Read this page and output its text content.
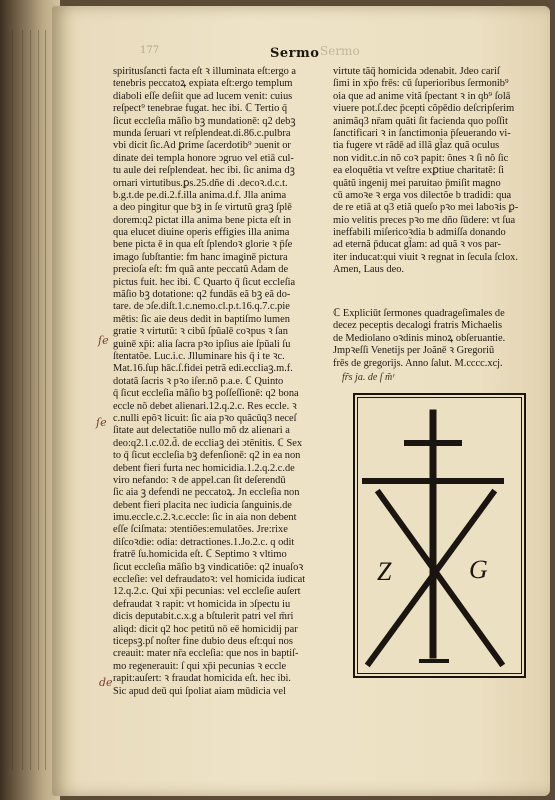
177	Sermo Sermo
spiritusſancti facta eſt ꝛ illuminata eſt:ergo a
tenebris peccatoꝝ expiata eſt:ergo templum
diaboli eſſe deſiit que ad lucem venit: cuius
reſpect⁹ tenebrae fugat. hec ibi. ℂ Tertio q̄
ſicut eccleſia mãſio bꝫ mundationē: q2 debꝫ
munda ſeruari vt reſplendeat.di.86.c.pulbra
vbi dicit ſic.Ad ꝑrime ſacerdotib⁹ ↄuenit or
dinate dei templa honore ↄgruo vel etiā cul-
tu aule dei reſplendeat. hec ibi. ſic anima dꝫ
ornari virtutibus.ꝑs.25.dñe di .decoꝛ.d.c.t.
b.g.t.de pe.di.2.f.illa anima.d.f. Jlla anima
a deo pingitur que bꝫ in ſe virtutũ graꝫ ſplē
dorem:q2 pictat illa anima bene picta eſt in
qua elucet diuine operis effigies illa anima
bene picta ē in qua eſt ſplendoꝛ glorie ꝛ p̄ſe
imago ſubſtantie: fm hanc imaginē pictura
precioſa eſt: fm quã ante peccatũ Adam de
pictus fuit. hec ibi. ℂ Quarto q̄ ſicut eccleſia
mãſio bꝫ dotatione: q2 fundās eã bꝫ eã do-
tare. de ↄſe.diſt.1.c.nemo.cl.p.t.16.q.7.c.pie
mētis: ſic aie deus dedit in baptiſmo lumen
gratie ꝛ virtutũ: ꝛ cibũ ſpũalē coꝛpus ꝛ ſan
guinē xp̄i: alia ſacra pꝛo ipſius aie ſpũali ſu
ſtentatõe. Luc.i.c. Jlluminare his q̄ i te ꝛc.
Mat.16.ſup hāc.ſ.fidei petrã edi.eccliaꝫ.m.f.
dotatã ſacris ꝛ pꝛo iſer.nõ p.a.e. ℂ Quinto
q̄ ſicut eccleſia mãſio bꝫ poſſeſſionē: q2 bona
eccle nõ debet alienari.12.q.2.c. Res eccle. ꝛ
c.nulli epõꝛ licuit: ſic aia pꝛo quãcūq3 neceſ
ſitate aut delectatiõe nullo mõ dz alienari a
deo:q2.1.c.02.d̄. de eccliaꝫ dei ↄtẽnitis. ℂ Sex
to q̄ ſicut eccleſia bꝫ defenſionē: q2 in ea non
debent fieri furta nec homicidia.1.2.q.2.c.de
viro nefando: ꝛ de appel.can ſit deſerendū
ſic aia ꝫ defendi ne peccatoꝝ. Jn eccleſia non
debent fieri placita nec iudicia ſanguinis.de
imu.eccle.c.2.ꝛ.c.eccle: ſic in aia non debent
eſſe ſciſmata: ↄtentiões:emulatões. Jre:rixe
diſcoꝛdie: odia: detractiones.1.Jo.2.c. q odit
fratrē ſu.homicida eſt. ℂ Septimo ꝛ vltimo
ſicut eccleſia mãſio bꝫ vindicatiõe: q2 inuaſoꝛ
eccleſie: vel defraudatoꝛ: vel homicida iudicat
12.q.2.c. Qui xp̄i pecunias: vel eccleſie auſert
defraudat ꝛ rapit: vt homicida in ↄſpectu iu
dicis deputabit.c.x.g a bſtulerit patri vel m̄ri
aliqd: dicit q2 hoc petitū nō eē homicidij par
ticepsꝫ.pſ noſter fine dubio deus eſt:qui nos
creauit: mater nr̄a eccleſia: que nos in baptiſ-
mo regenerauit: ſ qui xp̄i pecunias ꝛ eccle
rapit:auſert: ꝛ fraudat homicida eſt. hec ibi.
Sic apud deū qui ſpoliat aiam mūdicia vel
virtute tãq̄ homicida ↄdenabit. Jdeo cariſ
ſimi in xp̄o frēs: cū ſuperioribus ſermonib⁹
oia que ad anime vitã ſpectant ꝛ in qb⁹ ſolā
viuere pot.ſ.dec p̄cepti cõpēdio deſcripſerim
animãq3 nr̄am quãti ſit facienda quo poſſit
ſanctificari ꝛ in ſanctimonia p̄ſeuerando vi-
tia fugere vt rãdē ad illã gl̃az quã oculus
non vidit.c.in nõ coꝛ papit: õnes ꝛ ſi nõ ſic
ea eloquētia vt veſtre exꝑtiue charitatẽ: ſi
quãtũ ingenij mei paruitao p̄miſit magno
cū amoꝛe ꝛ erga vos dilectõe b tradidi: qua
de re etiã at q3 etiã queſo pꝛo mei laboꝛis ꝑ-
mio velitis preces pꝛo me dño ſūdere: vt ſua
ineffabili miſericoꝛdia b admiſſa donando
ad eternã p̄ducat gl̃am: ad quã ꝛ vos par-
iter inducat:qui viuit ꝛ regnat in ſecula ſclox.
Amen, Laus deo.
ℂ Expliciūt ſermones quadrageſimales de
decez peceptis decalogi fratris Michaelis
de Mediolano oꝛdinis minoꝝ obſeruantie.
Jmpꝛeſſi Venetijs per Joãnē ꝛ Gregoriũ
frēs de gregorijs. Anno ſalut. M.cccc.xcj.
fr̃s ja. de ſ m̃ʳ
ſe
ſe
de
Z	G
